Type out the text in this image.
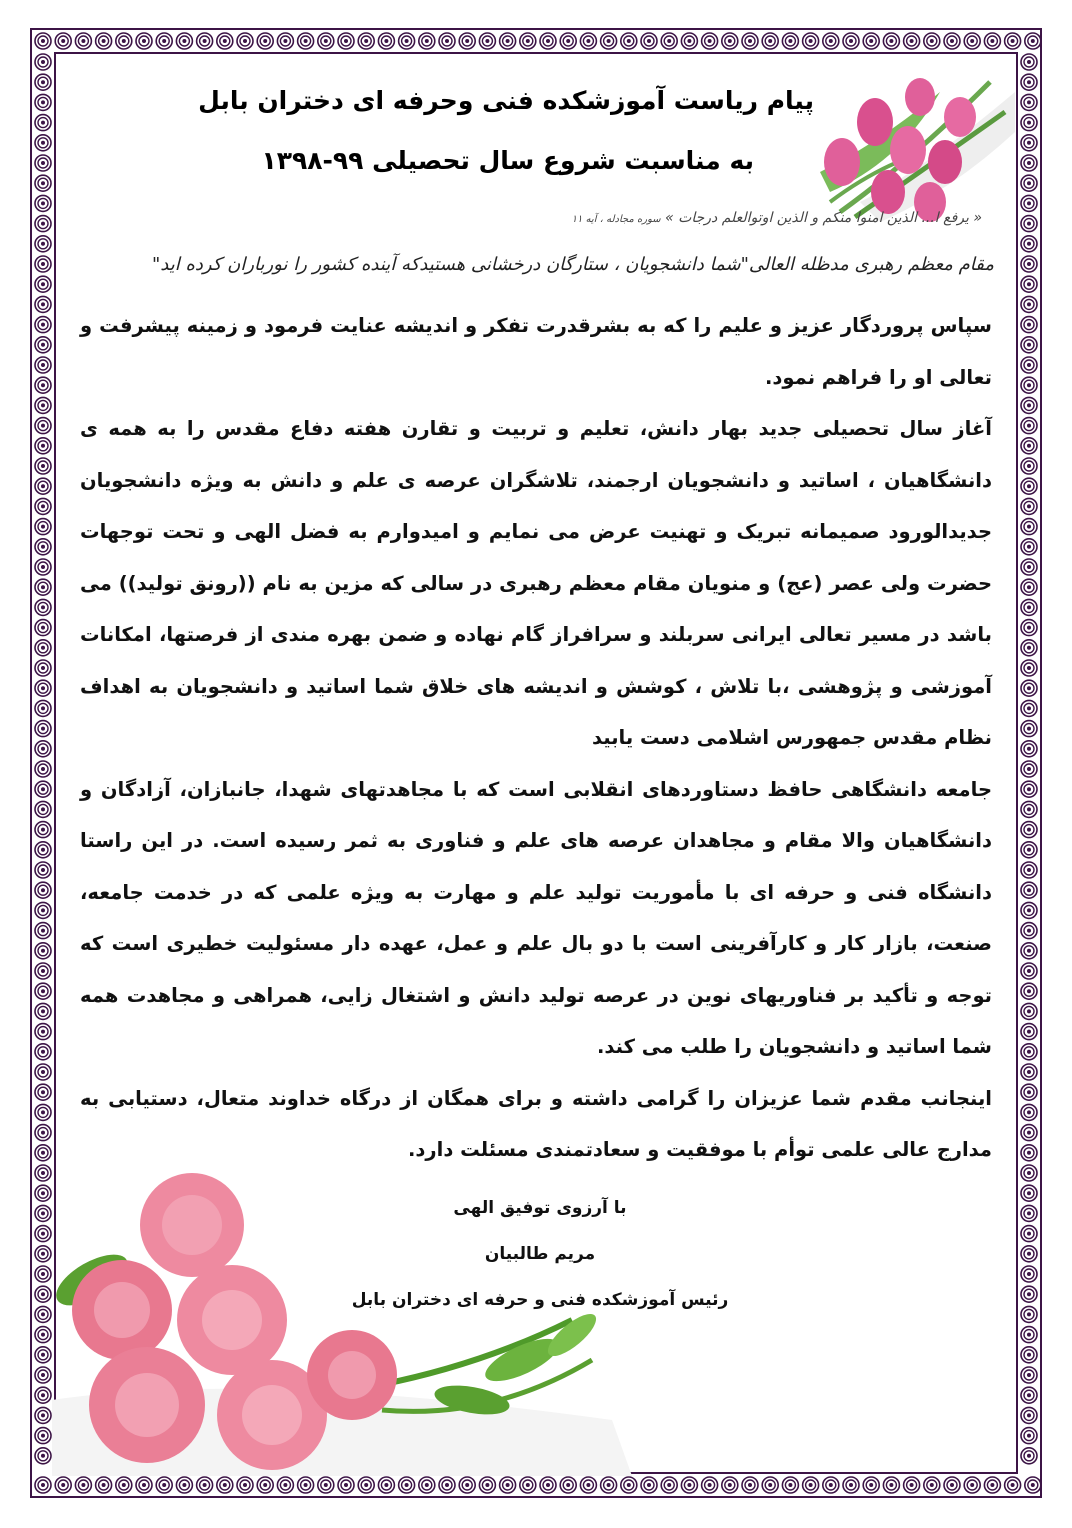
پیام ریاست آموزشکده فنی وحرفه ای دختران بابل
به مناسبت شروع سال تحصیلی ۹۹-۱۳۹۸
« یرفع ا... الذین امنوا منکم و الذین اوتوالعلم درجات » سوره مجادله ، آیه ۱۱
مقام معظم رهبری مدظله العالی"شما دانشجویان ، ستارگان درخشانی هستیدکه آینده کشور را نورباران کرده اید"

سپاس پروردگار عزیز و علیم را که به بشرقدرت تفکر و اندیشه عنایت فرمود و زمینه پیشرفت و تعالی او را فراهم نمود.

آغاز سال تحصیلی جدید بهار دانش، تعلیم و تربیت و تقارن هفته دفاع مقدس را به همه ی دانشگاهیان ، اساتید و دانشجویان ارجمند، تلاشگران عرصه ی علم و دانش به ویژه دانشجویان جدیدالورود صمیمانه تبریک و تهنیت عرض می نمایم و امیدوارم به فضل الهی و تحت توجهات حضرت ولی عصر (عج) و منویان مقام معظم رهبری در سالی که مزین به نام ((رونق تولید)) می باشد در مسیر تعالی ایرانی سربلند و سرافراز گام نهاده و ضمن بهره مندی از فرصتها، امکانات آموزشی و پژوهشی ،با تلاش ، کوشش و اندیشه های خلاق شما اساتید و دانشجویان به اهداف نظام مقدس جمهورس اشلامی دست یابید

جامعه دانشگاهی حافظ دستاوردهای انقلابی است که با مجاهدتهای شهدا، جانبازان، آزادگان و دانشگاهیان والا مقام و مجاهدان عرصه های علم و فناوری به ثمر رسیده است. در این راستا دانشگاه فنی و حرفه ای با مأموریت تولید علم و مهارت به ویژه علمی که در خدمت جامعه، صنعت، بازار کار و کارآفرینی است با دو بال علم و عمل، عهده دار مسئولیت خطیری است که توجه و تأکید بر فناوریهای نوین در عرصه تولید دانش و اشتغال زایی، همراهی و مجاهدت همه شما اساتید و دانشجویان را طلب می کند.

اینجانب مقدم شما عزیزان را گرامی داشته و برای همگان از درگاه خداوند متعال، دستیابی به مدارج عالی علمی توأم با موفقیت و سعادتمندی مسئلت دارد.

با آرزوی توفیق الهی
مریم طالبیان
رئیس آموزشکده فنی و حرفه ای دختران بابل
